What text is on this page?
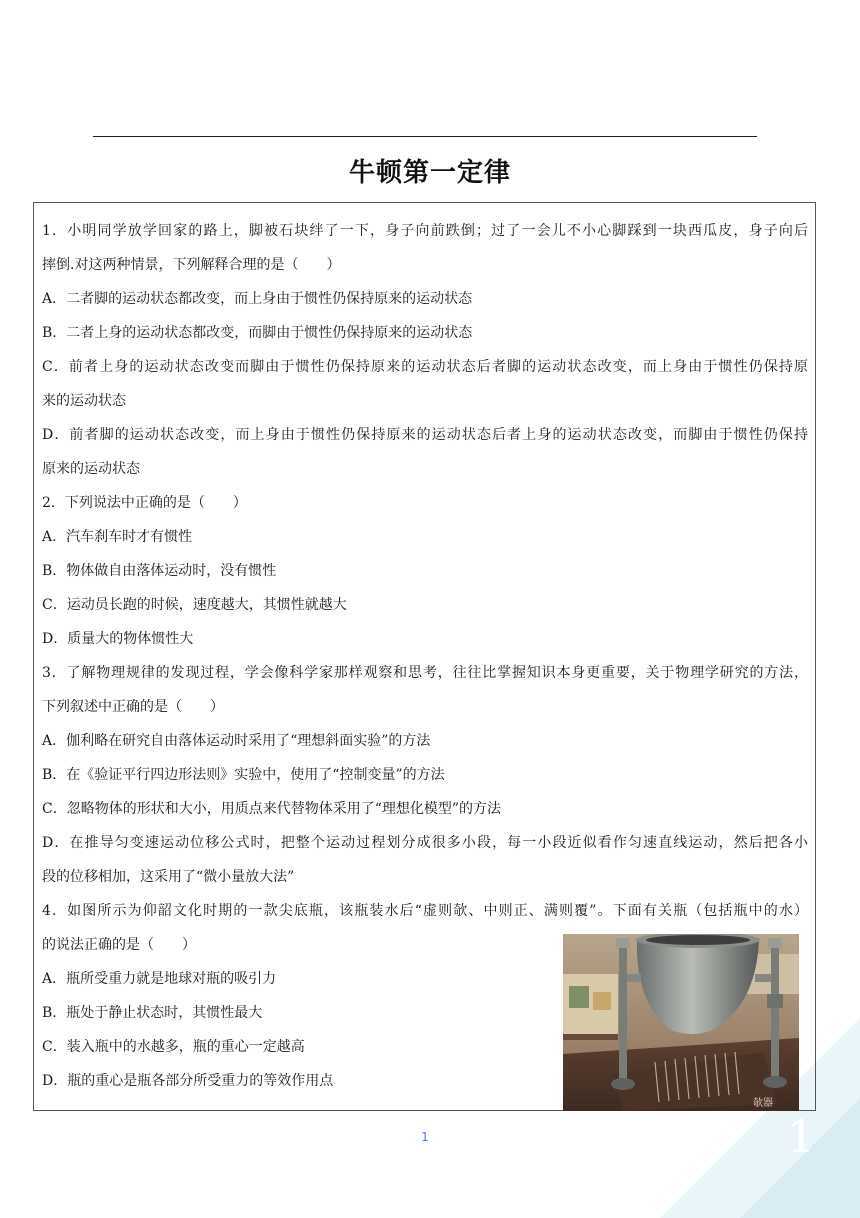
牛顿第一定律
1．小明同学放学回家的路上，脚被石块绊了一下，身子向前跌倒；过了一会儿不小心脚踩到一块西瓜皮，身子向后
摔倒.对这两种情景，下列解释合理的是（　　）
A．二者脚的运动状态都改变，而上身由于惯性仍保持原来的运动状态
B．二者上身的运动状态都改变，而脚由于惯性仍保持原来的运动状态
C．前者上身的运动状态改变而脚由于惯性仍保持原来的运动状态后者脚的运动状态改变，而上身由于惯性仍保持原
来的运动状态
D．前者脚的运动状态改变，而上身由于惯性仍保持原来的运动状态后者上身的运动状态改变，而脚由于惯性仍保持
原来的运动状态
2．下列说法中正确的是（　　）
A．汽车刹车时才有惯性
B．物体做自由落体运动时，没有惯性
C．运动员长跑的时候，速度越大，其惯性就越大
D．质量大的物体惯性大
3．了解物理规律的发现过程，学会像科学家那样观察和思考，往往比掌握知识本身更重要，关于物理学研究的方法，
下列叙述中正确的是（　　）
A．伽利略在研究自由落体运动时采用了“理想斜面实验”的方法
B．在《验证平行四边形法则》实验中，使用了“控制变量”的方法
C．忽略物体的形状和大小，用质点来代替物体采用了“理想化模型”的方法
D．在推导匀变速运动位移公式时，把整个运动过程划分成很多小段，每一小段近似看作匀速直线运动，然后把各小
段的位移相加，这采用了“微小量放大法”
4．如图所示为仰韶文化时期的一款尖底瓶，该瓶装水后“虚则欹、中则正、满则覆”。下面有关瓶（包括瓶中的水）
的说法正确的是（　　）
A．瓶所受重力就是地球对瓶的吸引力
B．瓶处于静止状态时，其惯性最大
C．装入瓶中的水越多，瓶的重心一定越高
D．瓶的重心是瓶各部分所受重力的等效作用点
欹器
1	1
